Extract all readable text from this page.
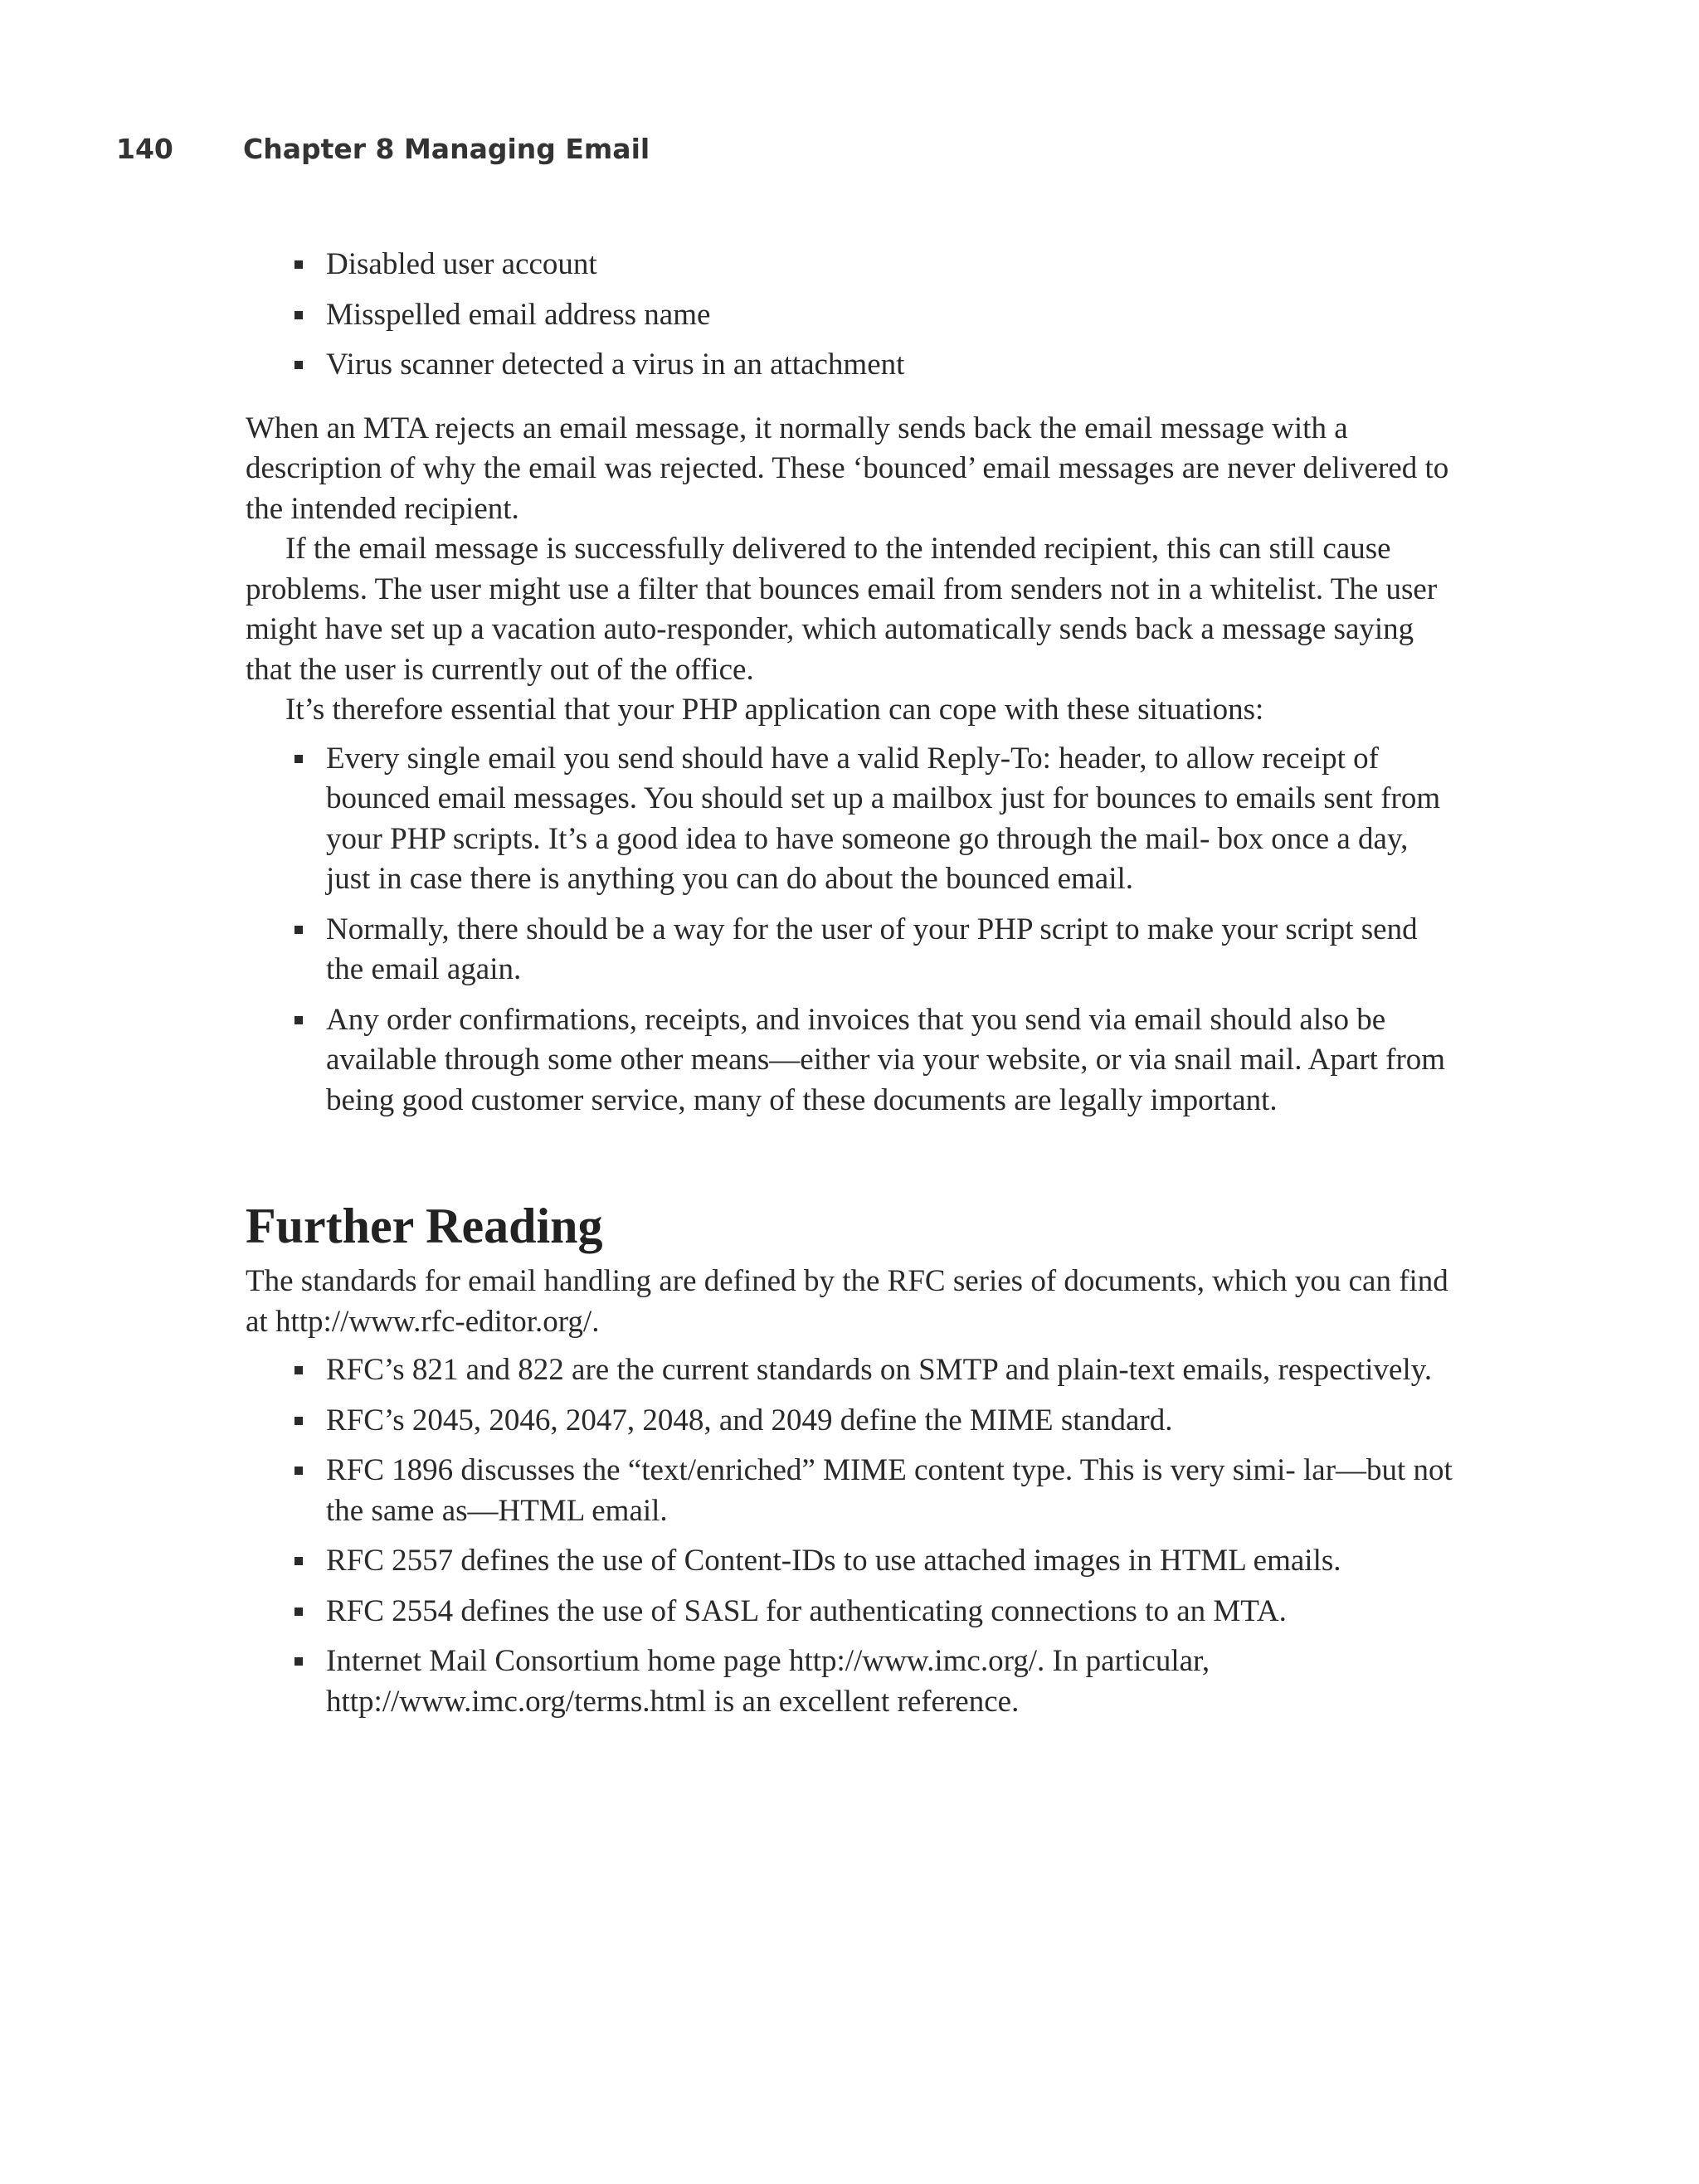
140	Chapter 8 Managing Email
Disabled user account
Misspelled email address name
Virus scanner detected a virus in an attachment

When an MTA rejects an email message, it normally sends back the email message with a description of why the email was rejected. These ‘bounced’ email messages are never delivered to the intended recipient.

If the email message is successfully delivered to the intended recipient, this can still cause problems. The user might use a filter that bounces email from senders not in a whitelist. The user might have set up a vacation auto-responder, which automatically sends back a message saying that the user is currently out of the office.

It’s therefore essential that your PHP application can cope with these situations:

Every single email you send should have a valid Reply-To: header, to allow receipt of bounced email messages. You should set up a mailbox just for bounces to emails sent from your PHP scripts. It’s a good idea to have someone go through the mail- box once a day, just in case there is anything you can do about the bounced email.
Normally, there should be a way for the user of your PHP script to make your script send the email again.
Any order confirmations, receipts, and invoices that you send via email should also be available through some other means—either via your website, or via snail mail. Apart from being good customer service, many of these documents are legally important.
Further Reading

The standards for email handling are defined by the RFC series of documents, which you can find at http://www.rfc-editor.org/.

RFC’s 821 and 822 are the current standards on SMTP and plain-text emails, respectively.
RFC’s 2045, 2046, 2047, 2048, and 2049 define the MIME standard.
RFC 1896 discusses the “text/enriched” MIME content type. This is very simi- lar—but not the same as—HTML email.
RFC 2557 defines the use of Content-IDs to use attached images in HTML emails.
RFC 2554 defines the use of SASL for authenticating connections to an MTA.
Internet Mail Consortium home page http://www.imc.org/. In particular, http://www.imc.org/terms.html is an excellent reference.
